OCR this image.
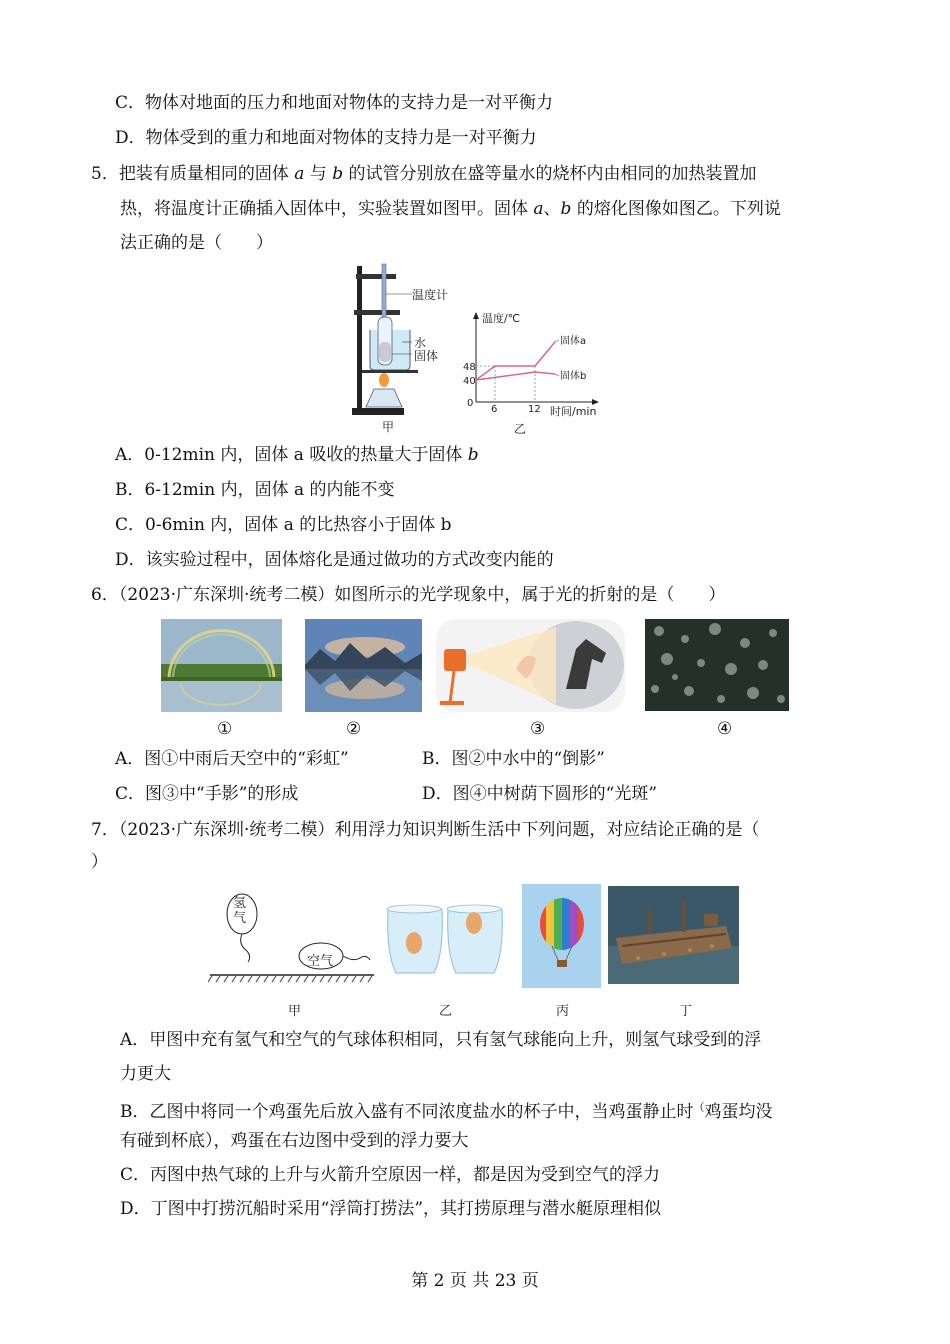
C．物体对地面的压力和地面对物体的支持力是一对平衡力
D．物体受到的重力和地面对物体的支持力是一对平衡力
5．把装有质量相同的固体 a 与 b 的试管分别放在盛等量水的烧杯内由相同的加热装置加
热，将温度计正确插入固体中，实验装置如图甲。固体 a、b 的熔化图像如图乙。下列说
法正确的是（　　）
温度计
水
固体
甲
温度/℃
时间/min
48
40
0
6	12
固体a
固体b
乙
A．0-12min 内，固体 a 吸收的热量大于固体 b
B．6-12min 内，固体 a 的内能不变
C．0-6min 内，固体 a 的比热容小于固体 b
D．该实验过程中，固体熔化是通过做功的方式改变内能的
6．（2023·广东深圳·统考二模）如图所示的光学现象中，属于光的折射的是（　　）
①	②	③	④
A．图①中雨后天空中的“彩虹”	B．图②中水中的“倒影”
C．图③中“手影”的形成	D．图④中树荫下圆形的“光斑”
7．（2023·广东深圳·统考二模）利用浮力知识判断生活中下列问题，对应结论正确的是（
）
氢气
空气
甲	乙	丙	丁
A．甲图中充有氢气和空气的气球体积相同，只有氢气球能向上升，则氢气球受到的浮
力更大
B．乙图中将同一个鸡蛋先后放入盛有不同浓度盐水的杯子中，当鸡蛋静止时（鸡蛋均没
有碰到杯底），鸡蛋在右边图中受到的浮力要大
C．丙图中热气球的上升与火箭升空原因一样，都是因为受到空气的浮力
D．丁图中打捞沉船时采用“浮筒打捞法”，其打捞原理与潜水艇原理相似
第 2 页 共 23 页
